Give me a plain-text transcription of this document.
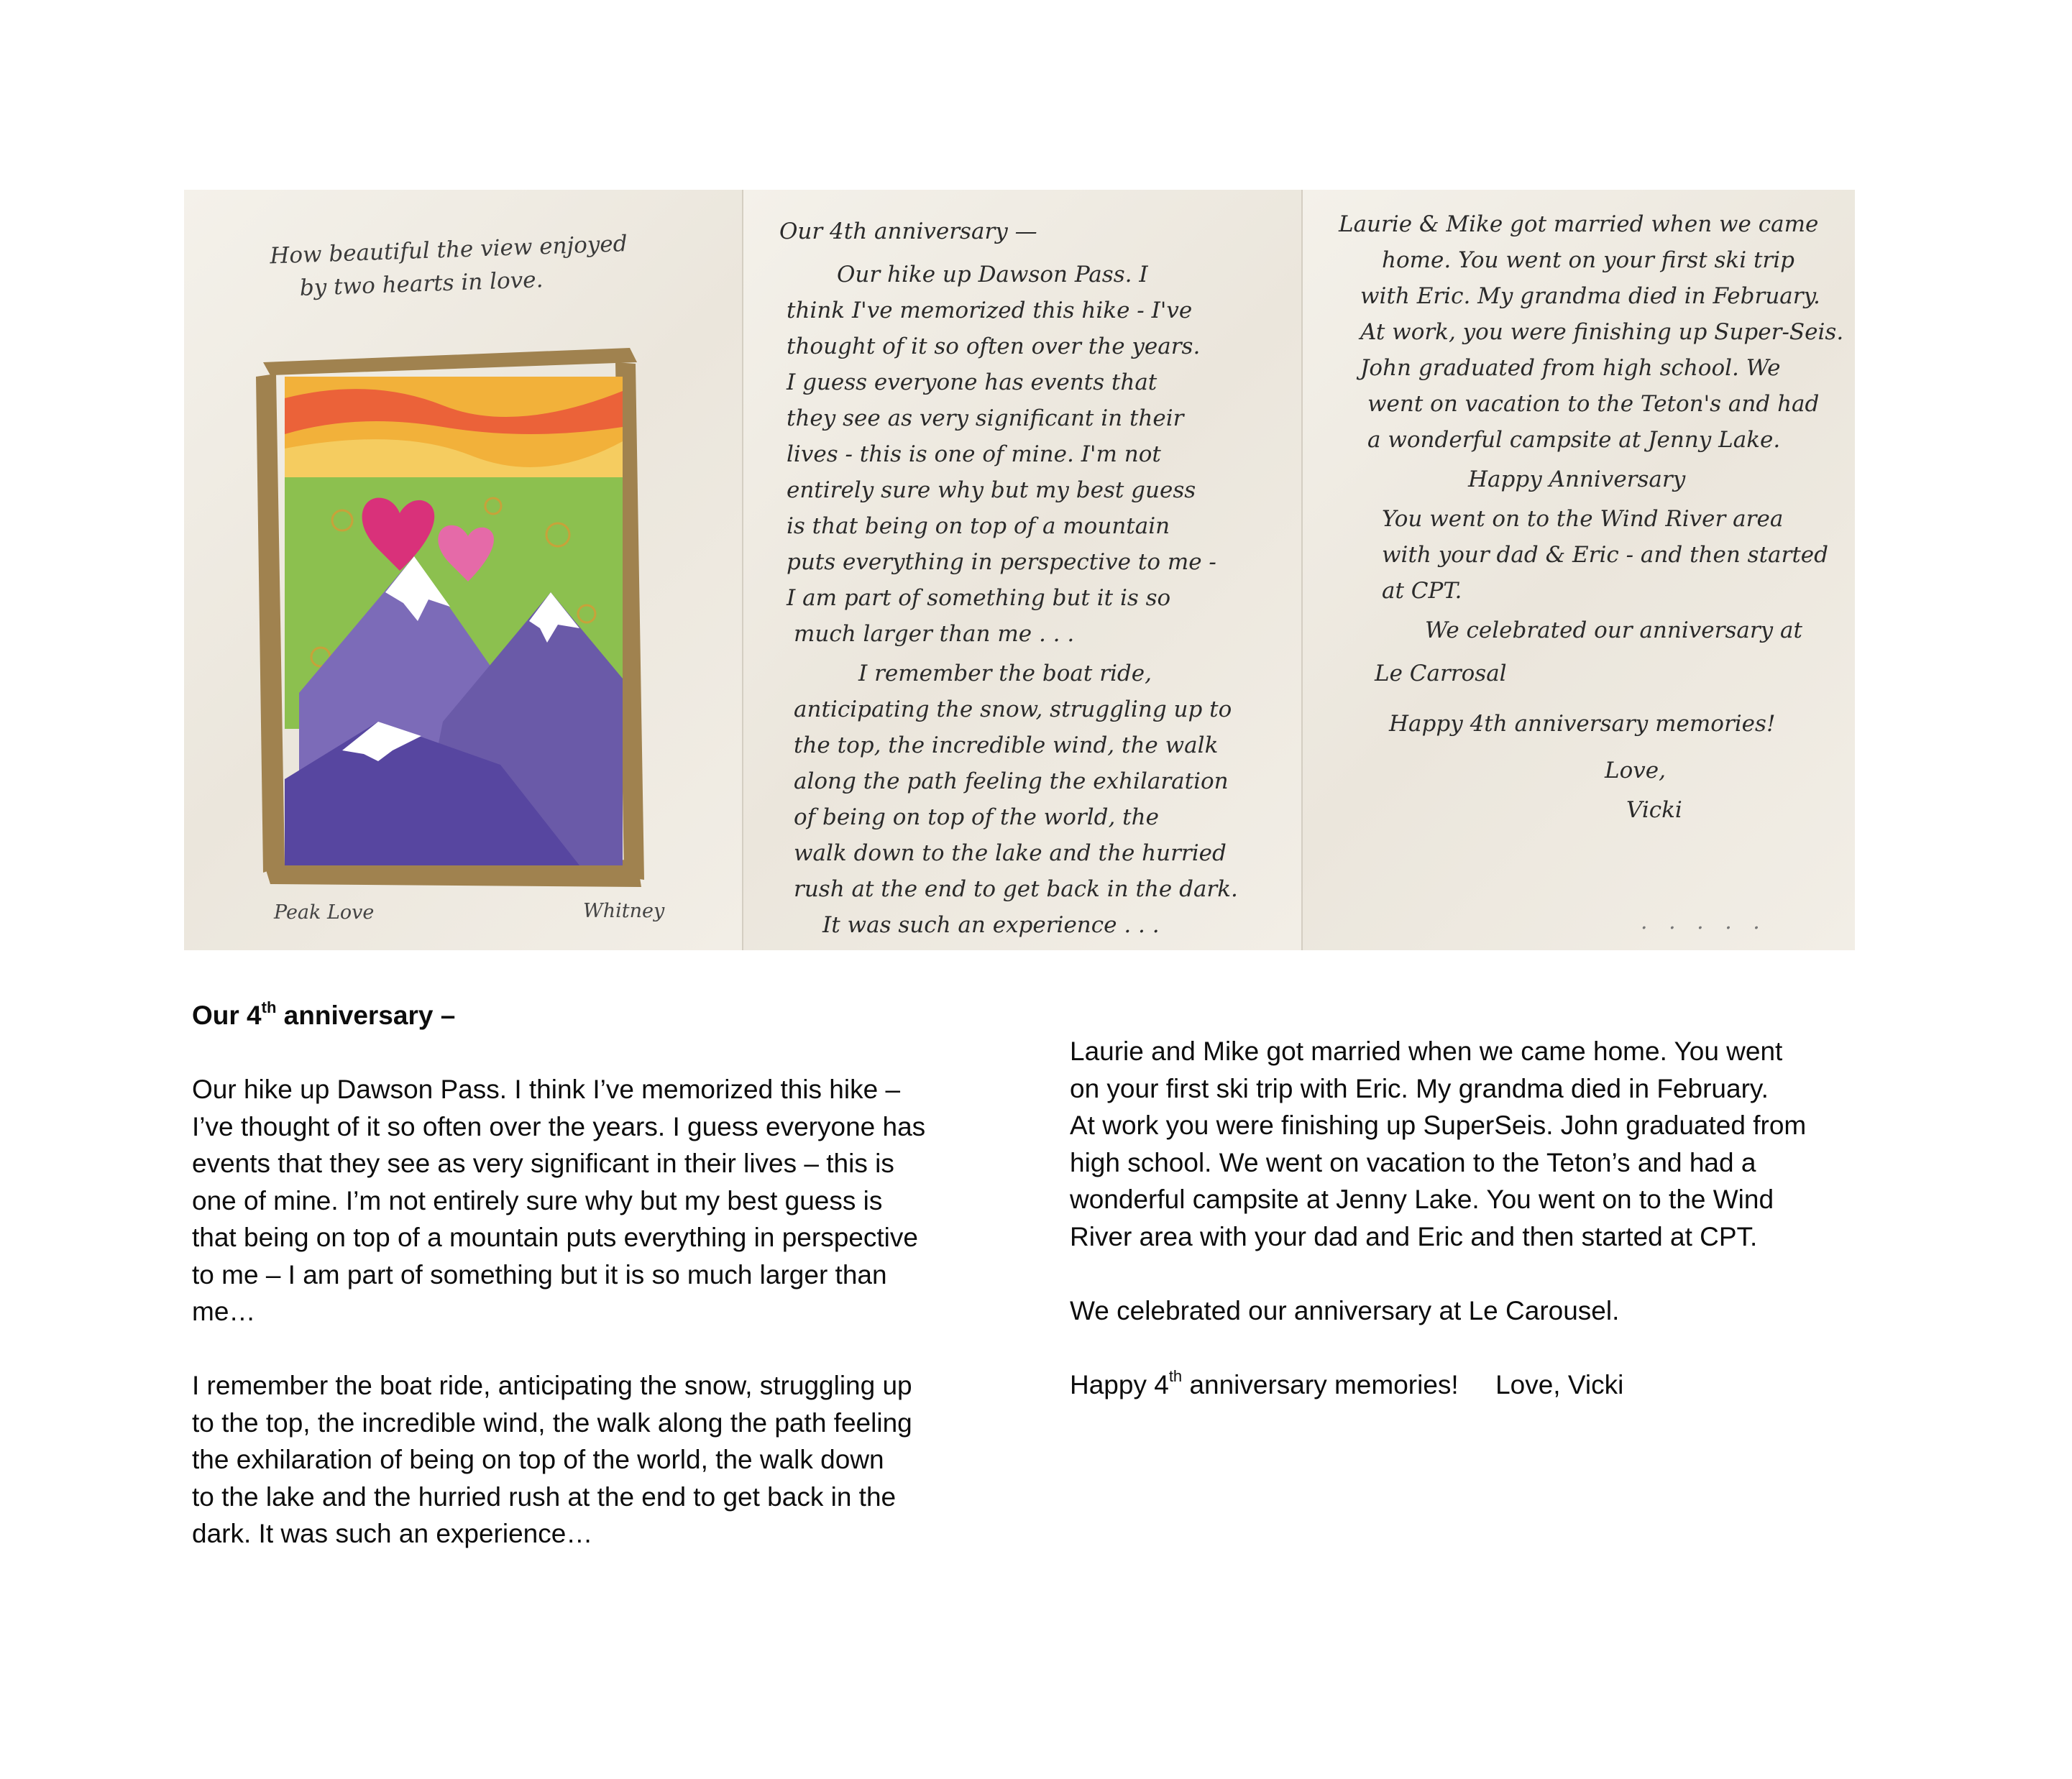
How beautiful the view enjoyed
by two hearts in love.
Peak Love	Whitney
Our 4th anniversary —
Our hike up Dawson Pass. I
think I've memorized this hike - I've
thought of it so often over the years.
I guess everyone has events that
they see as very significant in their
lives - this is one of mine. I'm not
entirely sure why but my best guess
is that being on top of a mountain
puts everything in perspective to me -
I am part of something but it is so
much larger than me . . .
I remember the boat ride,
anticipating the snow, struggling up to
the top, the incredible wind, the walk
along the path feeling the exhilaration
of being on top of the world, the
walk down to the lake and the hurried
rush at the end to get back in the dark.
It was such an experience . . .
Laurie & Mike got married when we came
home. You went on your first ski trip
with Eric. My grandma died in February.
At work, you were finishing up Super-Seis.
John graduated from high school. We
went on vacation to the Teton's and had
a wonderful campsite at Jenny Lake.
Happy Anniversary
You went on to the Wind River area
with your dad & Eric - and then started
at CPT.
We celebrated our anniversary at
Le Carrosal
Happy 4th anniversary memories!
Love,
Vicki
· · · · ·
Our 4th anniversary –
Our hike up Dawson Pass. I think I’ve memorized this hike –
I’ve thought of it so often over the years. I guess everyone has
events that they see as very significant in their lives – this is
one of mine. I’m not entirely sure why but my best guess is
that being on top of a mountain puts everything in perspective
to me – I am part of something but it is so much larger than
me…
I remember the boat ride, anticipating the snow, struggling up
to the top, the incredible wind, the walk along the path feeling
the exhilaration of being on top of the world, the walk down
to the lake and the hurried rush at the end to get back in the
dark. It was such an experience…
Laurie and Mike got married when we came home. You went
on your first ski trip with Eric. My grandma died in February.
At work you were finishing up SuperSeis. John graduated from
high school. We went on vacation to the Teton’s and had a
wonderful campsite at Jenny Lake. You went on to the Wind
River area with your dad and Eric and then started at CPT.
We celebrated our anniversary at Le Carousel.
Happy 4th anniversary memories!     Love, Vicki
